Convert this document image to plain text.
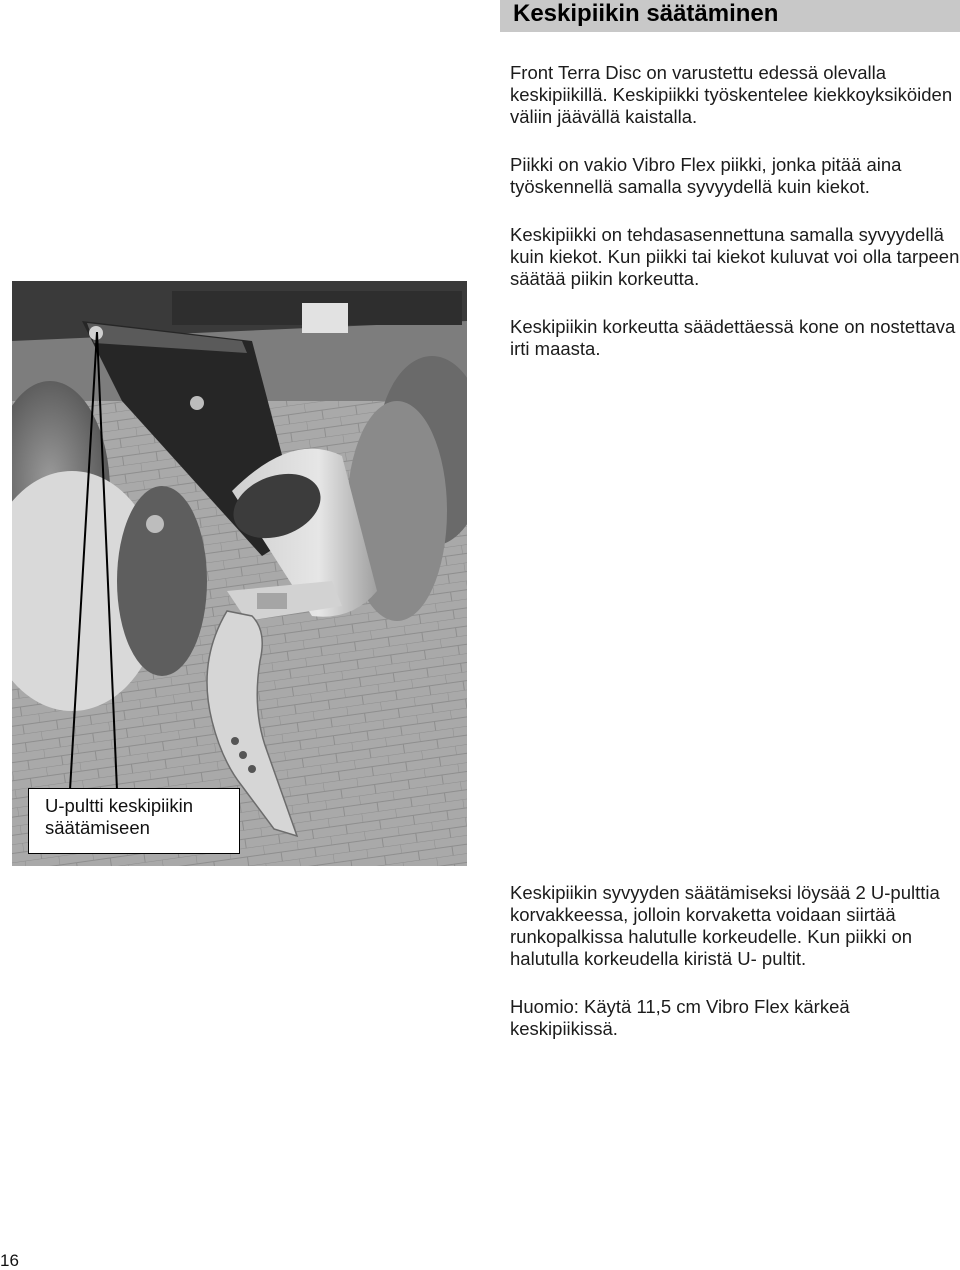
Keskipiikin säätäminen

Front Terra Disc on varustettu edessä olevalla keskipiikillä. Keskipiikki työskentelee kiekkoyksiköiden väliin jäävällä kaistalla.

Piikki on vakio Vibro Flex piikki, jonka pitää aina työskennellä samalla syvyydellä kuin kiekot.

Keskipiikki on tehdasasennettuna samalla syvyydellä kuin kiekot. Kun piikki tai kiekot kuluvat voi olla tarpeen säätää piikin korkeutta.

Keskipiikin korkeutta säädettäessä kone on nostettava irti maasta.

U-pultti keskipiikin
säätämiseen

Keskipiikin syvyyden säätämiseksi löysää 2 U-pulttia korvakkeessa, jolloin korvaketta voidaan siirtää runkopalkissa halutulle korkeudelle. Kun piikki on halutulla korkeudella kiristä U- pultit.

Huomio: Käytä 11,5 cm Vibro Flex kärkeä keskipiikissä.

16
